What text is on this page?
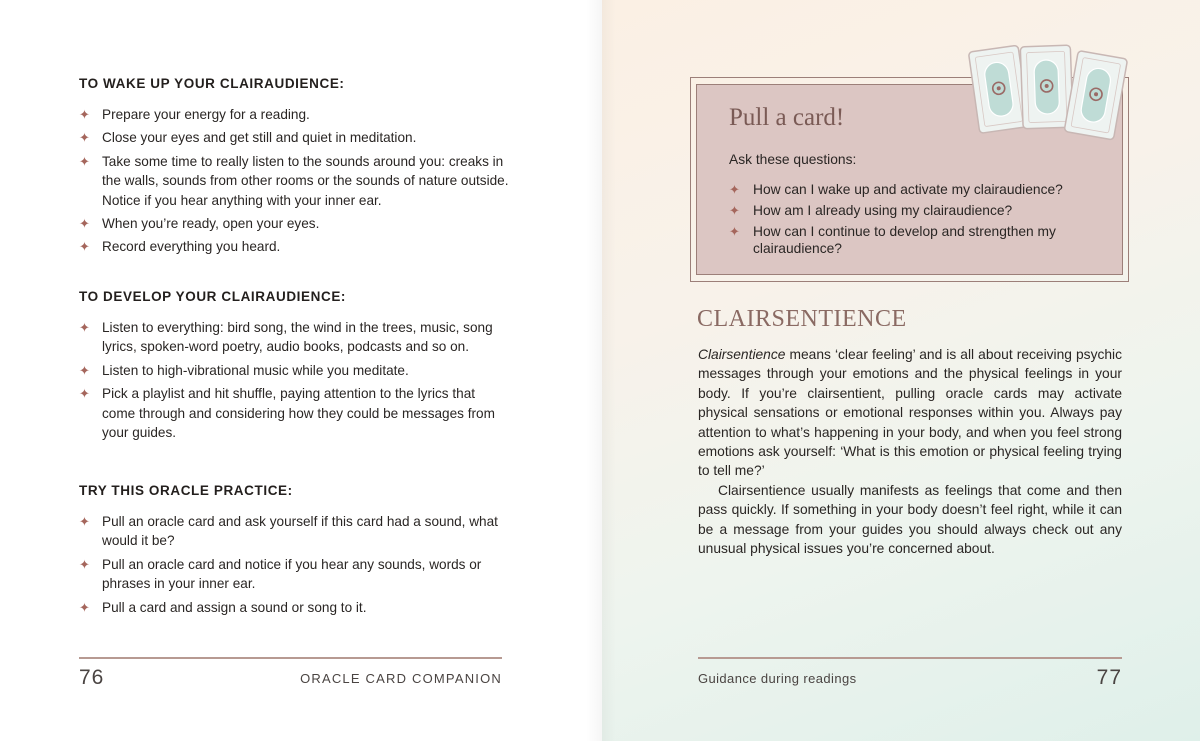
TO WAKE UP YOUR CLAIRAUDIENCE:
✦ Prepare your energy for a reading.
✦ Close your eyes and get still and quiet in meditation.
✦ Take some time to really listen to the sounds around you: creaks in the walls, sounds from other rooms or the sounds of nature outside. Notice if you hear anything with your inner ear.
✦ When you’re ready, open your eyes.
✦ Record everything you heard.
TO DEVELOP YOUR CLAIRAUDIENCE:
✦ Listen to everything: bird song, the wind in the trees, music, song lyrics, spoken-word poetry, audio books, podcasts and so on.
✦ Listen to high-vibrational music while you meditate.
✦ Pick a playlist and hit shuffle, paying attention to the lyrics that come through and considering how they could be messages from your guides.
TRY THIS ORACLE PRACTICE:
✦ Pull an oracle card and ask yourself if this card had a sound, what would it be?
✦ Pull an oracle card and notice if you hear any sounds, words or phrases in your inner ear.
✦ Pull a card and assign a sound or song to it.
76	ORACLE CARD COMPANION
Pull a card!
Ask these questions:
✦ How can I wake up and activate my clairaudience?
✦ How am I already using my clairaudience?
✦ How can I continue to develop and strengthen my clairaudience?
CLAIRSENTIENCE

Clairsentience means ‘clear feeling’ and is all about receiving psychic messages through your emotions and the physical feelings in your body. If you’re clairsentient, pulling oracle cards may activate physical sensations or emotional responses within you. Always pay attention to what’s happening in your body, and when you feel strong emotions ask yourself: ‘What is this emotion or physical feeling trying to tell me?’

Clairsentience usually manifests as feelings that come and then pass quickly. If something in your body doesn’t feel right, while it can be a message from your guides you should always check out any unusual physical issues you’re concerned about.

Guidance during readings	77
